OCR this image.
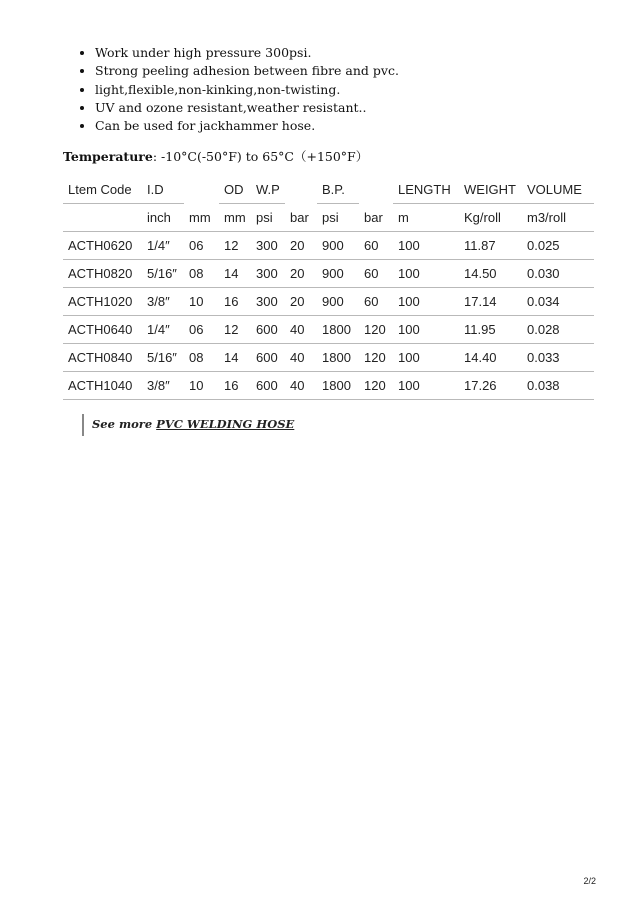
• Work under high pressure 300psi.
• Strong peeling adhesion between fibre and pvc.
• light,flexible,non-kinking,non-twisting.
• UV and ozone resistant,weather resistant..
• Can be used for jackhammer hose.

Temperature: -10°C(-50°F) to 65°C（+150°F）

Ltem Code	I.D		OD	W.P		B.P.		LENGTH	WEIGHT	VOLUME
	inch	mm	mm	psi	bar	psi	bar	m	Kg/roll	m3/roll
ACTH0620	1/4″	06	12	300	20	900	60	100	11.87	0.025
ACTH0820	5/16″	08	14	300	20	900	60	100	14.50	0.030
ACTH1020	3/8″	10	16	300	20	900	60	100	17.14	0.034
ACTH0640	1/4″	06	12	600	40	1800	120	100	11.95	0.028
ACTH0840	5/16″	08	14	600	40	1800	120	100	14.40	0.033
ACTH1040	3/8″	10	16	600	40	1800	120	100	17.26	0.038
See more PVC WELDING HOSE
2/2
